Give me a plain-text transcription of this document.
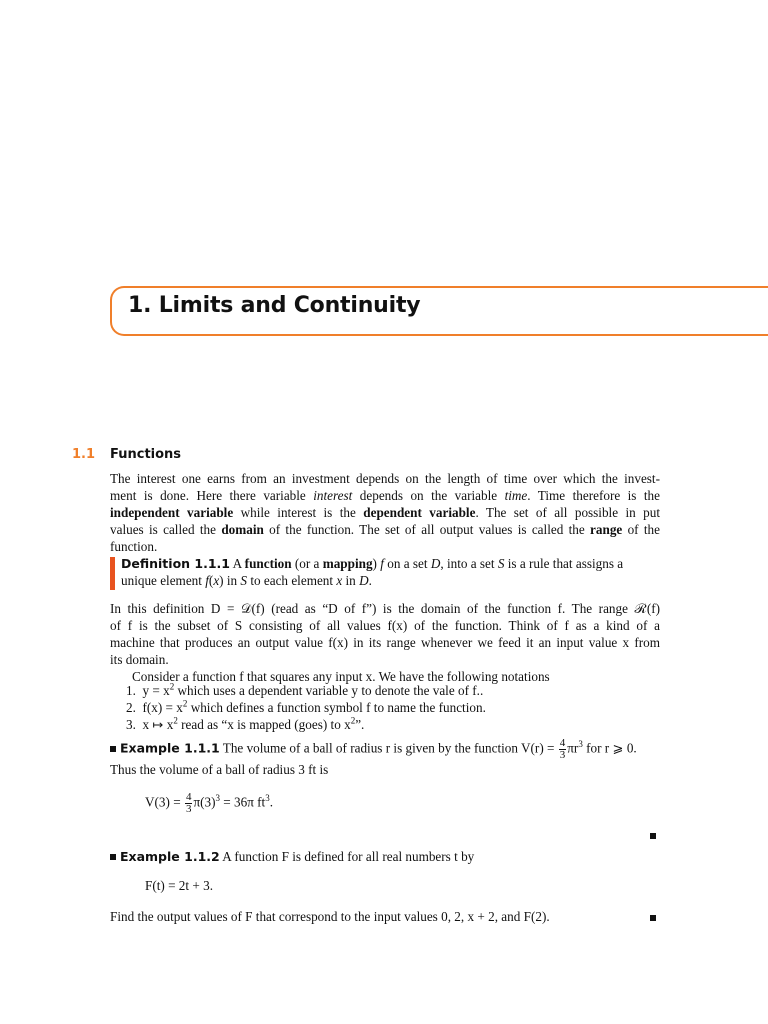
1. Limits and Continuity
1.1 Functions
The interest one earns from an investment depends on the length of time over which the invest-
ment is done. Here there variable interest depends on the variable time. Time therefore is the
independent variable while interest is the dependent variable. The set of all possible in put
values is called the domain of the function. The set of all output values is called the range of the
function.
Definition 1.1.1 A function (or a mapping) f on a set D, into a set S is a rule that assigns a
unique element f(x) in S to each element x in D.
In this definition D = 𝒟(f) (read as “D of f”) is the domain of the function f. The range ℛ(f)
of f is the subset of S consisting of all values f(x) of the function. Think of f as a kind of a
machine that produces an output value f(x) in its range whenever we feed it an input value x from
its domain.
Consider a function f that squares any input x. We have the following notations
1. $y = x^2$ which uses a dependent variable y to denote the vale of f..
2. $f(x) = x^2$ which defines a function symbol f to name the function.
3. x ↦ $x^2$ read as “x is mapped (goes) to $x^2$”.
Example 1.1.1 The volume of a ball of radius r is given by the function $V(r) = \frac{4}{3} \pi r^3$ for r ⩾ 0.
Thus the volume of a ball of radius 3 ft is
$V(3) = \frac{4}{3} \pi(3)^3 = 36\pi$ $ft^3$.
Example 1.1.2 A function F is defined for all real numbers t by
F(t) = 2t + 3.
Find the output values of F that correspond to the input values 0, 2, x + 2, and F(2).
